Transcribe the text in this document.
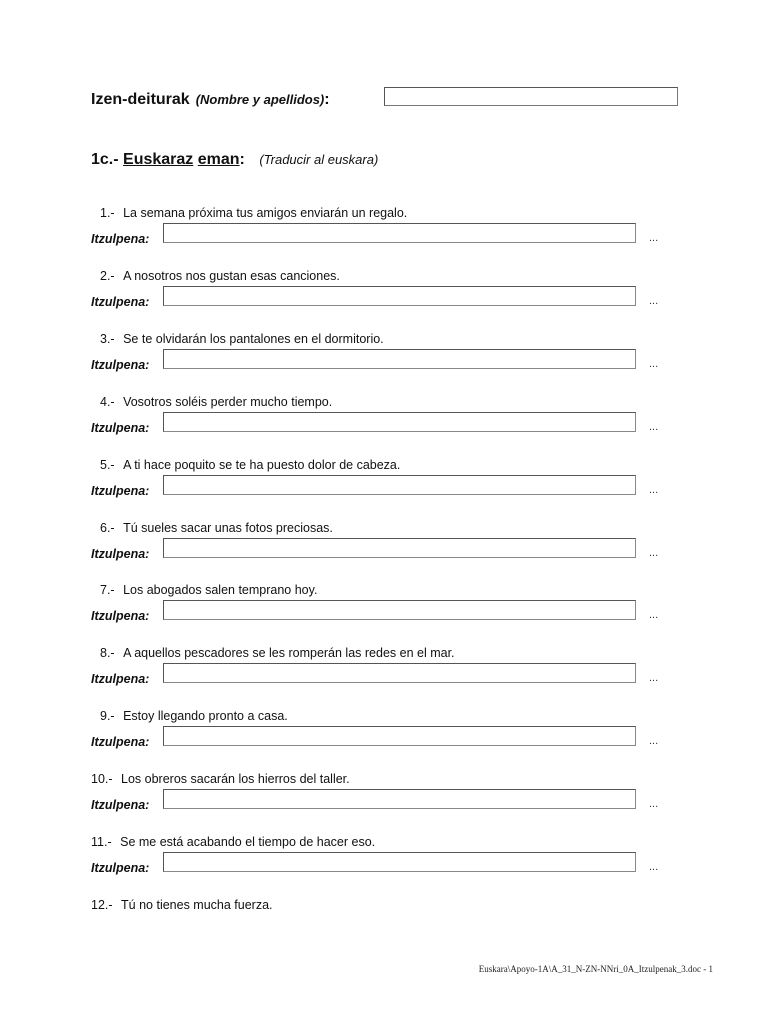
Izen-deiturak (Nombre y apellidos):
1c.- Euskaraz eman: (Traducir al euskara)
1.- La semana próxima tus amigos enviarán un regalo.
Itzulpena:	...
2.- A nosotros nos gustan esas canciones.
Itzulpena:	...
3.- Se te olvidarán los pantalones en el dormitorio.
Itzulpena:	...
4.- Vosotros soléis perder mucho tiempo.
Itzulpena:	...
5.- A ti hace poquito se te ha puesto dolor de cabeza.
Itzulpena:	...
6.- Tú sueles sacar unas fotos preciosas.
Itzulpena:	...
7.- Los abogados salen temprano hoy.
Itzulpena:	...
8.- A aquellos pescadores se les romperán las redes en el mar.
Itzulpena:	...
9.- Estoy llegando pronto a casa.
Itzulpena:	...
10.- Los obreros sacarán los hierros del taller.
Itzulpena:	...
11.- Se me está acabando el tiempo de hacer eso.
Itzulpena:	...
12.- Tú no tienes mucha fuerza.
Euskara\Apoyo-1A\A_31_N-ZN-NNri_0A_Itzulpenak_3.doc - 1
